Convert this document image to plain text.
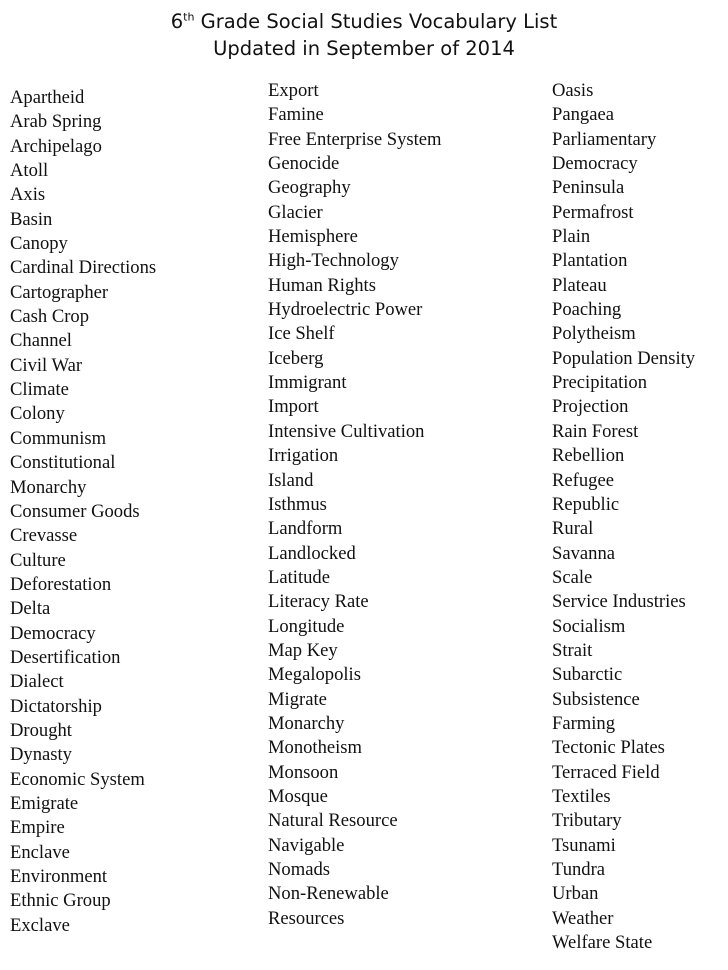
6th Grade Social Studies Vocabulary List
Updated in September of 2014
Apartheid
Arab Spring
Archipelago
Atoll
Axis
Basin
Canopy
Cardinal Directions
Cartographer
Cash Crop
Channel
Civil War
Climate
Colony
Communism
Constitutional
Monarchy
Consumer Goods
Crevasse
Culture
Deforestation
Delta
Democracy
Desertification
Dialect
Dictatorship
Drought
Dynasty
Economic System
Emigrate
Empire
Enclave
Environment
Ethnic Group
Exclave
Export
Famine
Free Enterprise System
Genocide
Geography
Glacier
Hemisphere
High-Technology
Human Rights
Hydroelectric Power
Ice Shelf
Iceberg
Immigrant
Import
Intensive Cultivation
Irrigation
Island
Isthmus
Landform
Landlocked
Latitude
Literacy Rate
Longitude
Map Key
Megalopolis
Migrate
Monarchy
Monotheism
Monsoon
Mosque
Natural Resource
Navigable
Nomads
Non-Renewable
Resources
Oasis
Pangaea
Parliamentary
Democracy
Peninsula
Permafrost
Plain
Plantation
Plateau
Poaching
Polytheism
Population Density
Precipitation
Projection
Rain Forest
Rebellion
Refugee
Republic
Rural
Savanna
Scale
Service Industries
Socialism
Strait
Subarctic
Subsistence
Farming
Tectonic Plates
Terraced Field
Textiles
Tributary
Tsunami
Tundra
Urban
Weather
Welfare State
